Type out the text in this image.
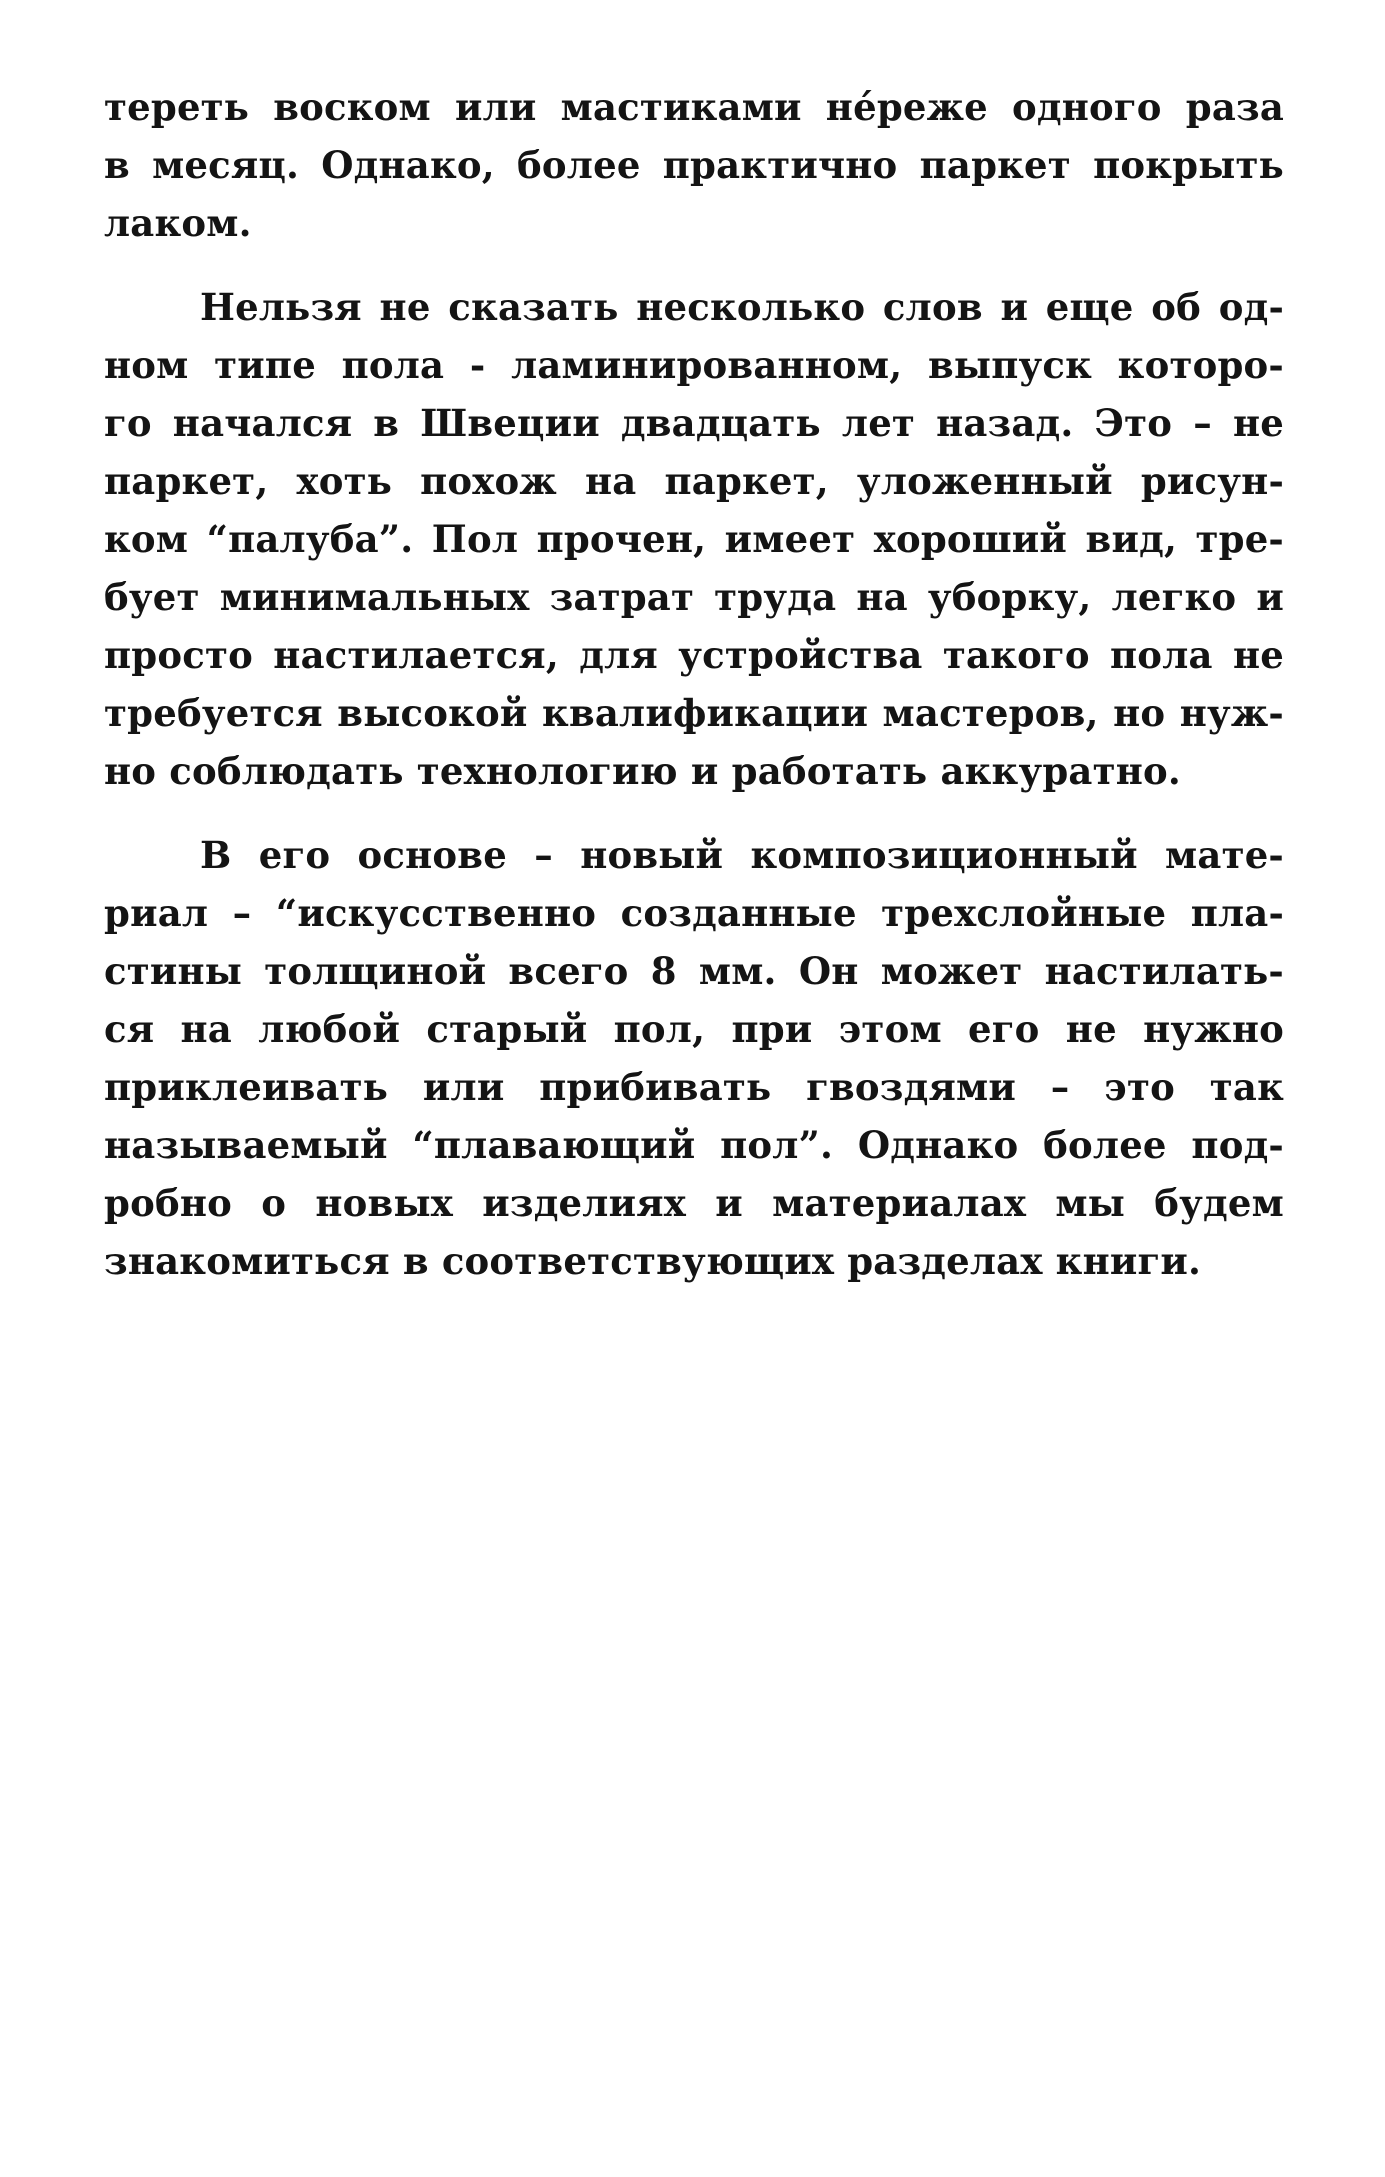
тереть воском или мастиками не́реже одного раза
в месяц. Однако, более практично паркет покрыть
лаком.

Нельзя не сказать несколько слов и еще об од-
ном типе пола - ламинированном, выпуск которо-
го начался в Швеции двадцать лет назад. Это – не
паркет, хоть похож на паркет, уложенный рисун-
ком “палуба”. Пол прочен, имеет хороший вид, тре-
бует минимальных затрат труда на уборку, легко и
просто настилается, для устройства такого пола не
требуется высокой квалификации мастеров, но нуж-
но соблюдать технологию и работать аккуратно.

В его основе – новый композиционный мате-
риал – “искусственно созданные трехслойные пла-
стины толщиной всего 8 мм. Он может настилать-
ся на любой старый пол, при этом его не нужно
приклеивать или прибивать гвоздями – это так
называемый “плавающий пол”. Однако более под-
робно о новых изделиях и материалах мы будем
знакомиться в соответствующих разделах книги.
